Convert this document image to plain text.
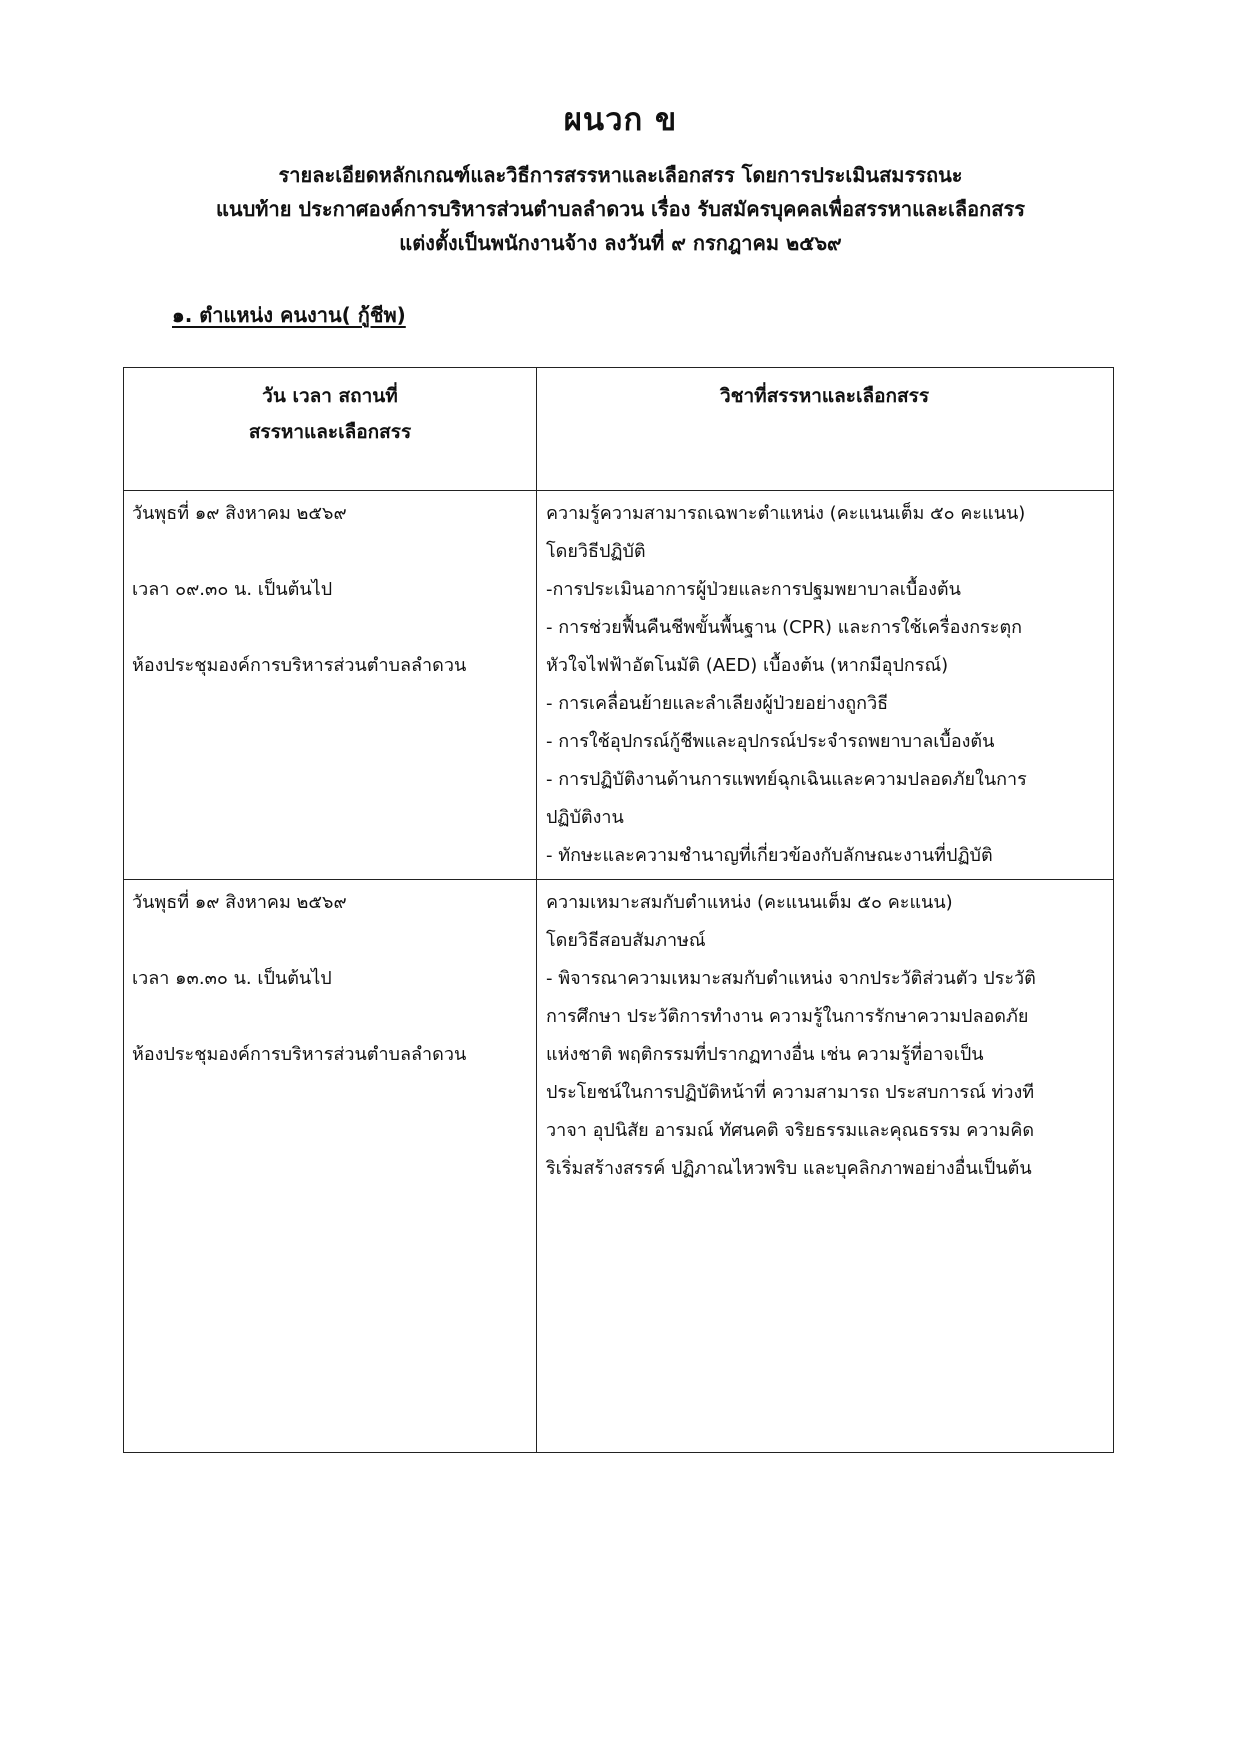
ผนวก ข
รายละเอียดหลักเกณฑ์และวิธีการสรรหาและเลือกสรร โดยการประเมินสมรรถนะ
แนบท้าย ประกาศองค์การบริหารส่วนตำบลลำดวน เรื่อง รับสมัครบุคคลเพื่อสรรหาและเลือกสรร
แต่งตั้งเป็นพนักงานจ้าง ลงวันที่ ๙ กรกฎาคม ๒๕๖๙
๑. ตำแหน่ง คนงาน( กู้ชีพ)
วัน เวลา สถานที่
สรรหาและเลือกสรร
วิชาที่สรรหาและเลือกสรร
วันพุธที่ ๑๙ สิงหาคม ๒๕๖๙
เวลา ๐๙.๓๐ น. เป็นต้นไป
ห้องประชุมองค์การบริหารส่วนตำบลลำดวน
ความรู้ความสามารถเฉพาะตำแหน่ง (คะแนนเต็ม ๕๐ คะแนน)
โดยวิธีปฏิบัติ
-การประเมินอาการผู้ป่วยและการปฐมพยาบาลเบื้องต้น
- การช่วยฟื้นคืนชีพขั้นพื้นฐาน (CPR) และการใช้เครื่องกระตุก
หัวใจไฟฟ้าอัตโนมัติ (AED) เบื้องต้น (หากมีอุปกรณ์)
- การเคลื่อนย้ายและลำเลียงผู้ป่วยอย่างถูกวิธี
- การใช้อุปกรณ์กู้ชีพและอุปกรณ์ประจำรถพยาบาลเบื้องต้น
- การปฏิบัติงานด้านการแพทย์ฉุกเฉินและความปลอดภัยในการ
ปฏิบัติงาน
- ทักษะและความชำนาญที่เกี่ยวข้องกับลักษณะงานที่ปฏิบัติ
วันพุธที่ ๑๙ สิงหาคม ๒๕๖๙
เวลา ๑๓.๓๐ น. เป็นต้นไป
ห้องประชุมองค์การบริหารส่วนตำบลลำดวน
ความเหมาะสมกับตำแหน่ง (คะแนนเต็ม ๕๐ คะแนน)
โดยวิธีสอบสัมภาษณ์
- พิจารณาความเหมาะสมกับตำแหน่ง จากประวัติส่วนตัว ประวัติ
การศึกษา ประวัติการทำงาน ความรู้ในการรักษาความปลอดภัย
แห่งชาติ พฤติกรรมที่ปรากฏทางอื่น เช่น ความรู้ที่อาจเป็น
ประโยชน์ในการปฏิบัติหน้าที่ ความสามารถ ประสบการณ์ ท่วงที
วาจา อุปนิสัย อารมณ์ ทัศนคติ จริยธรรมและคุณธรรม ความคิด
ริเริ่มสร้างสรรค์ ปฏิภาณไหวพริบ และบุคลิกภาพอย่างอื่นเป็นต้น
